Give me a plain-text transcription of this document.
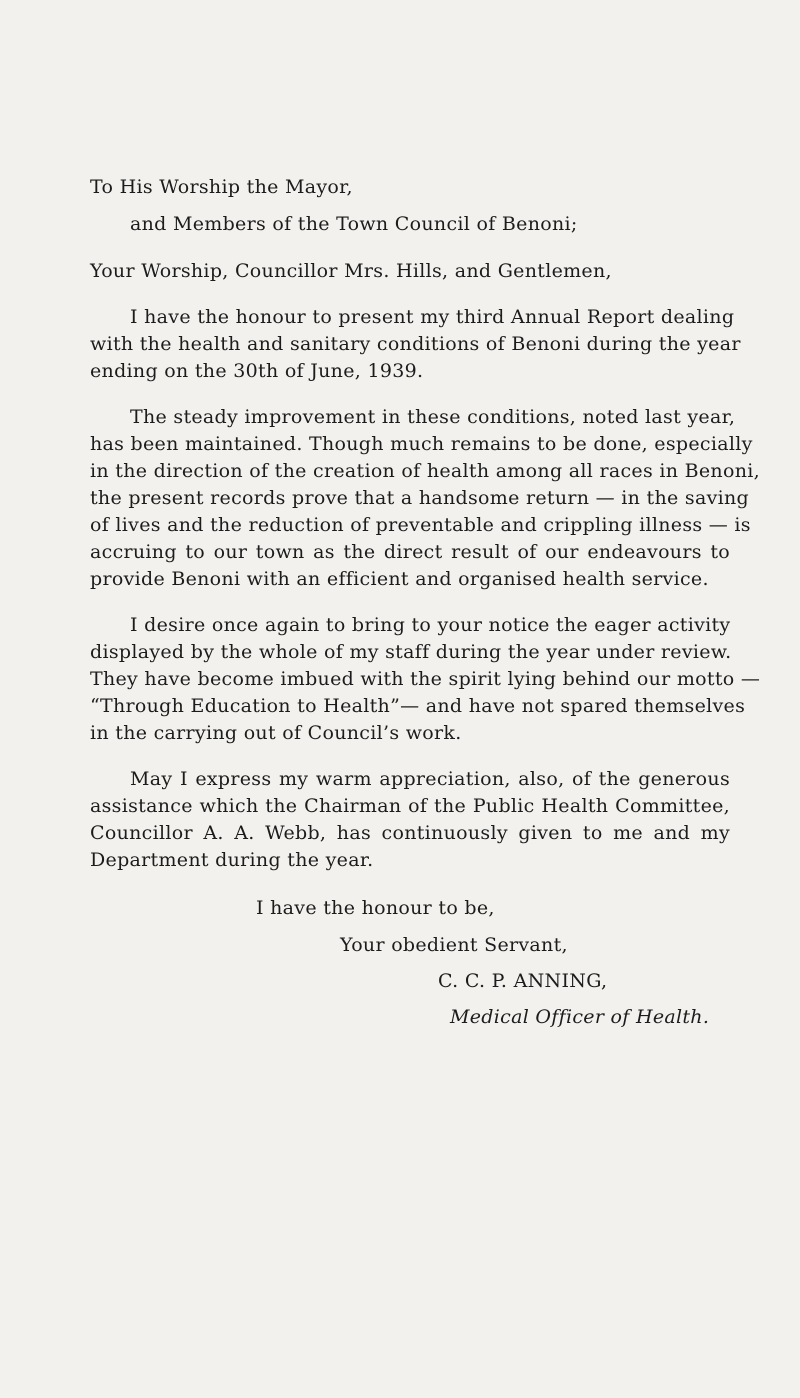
To His Worship the Mayor,
and Members of the Town Council of Benoni;
Your Worship, Councillor Mrs. Hills, and Gentlemen,
I have the honour to present my third Annual Report dealing
with the health and sanitary conditions of Benoni during the year
ending on the 30th of June, 1939.
The steady improvement in these conditions, noted last year,
has been maintained. Though much remains to be done, especially
in the direction of the creation of health among all races in Benoni,
the present records prove that a handsome return — in the saving
of lives and the reduction of preventable and crippling illness — is
accruing to our town as the direct result of our endeavours to
provide Benoni with an efficient and organised health service.
I desire once again to bring to your notice the eager activity
displayed by the whole of my staff during the year under review.
They have become imbued with the spirit lying behind our motto —
“Through Education to Health”— and have not spared themselves
in the carrying out of Council’s work.
May I express my warm appreciation, also, of the generous
assistance which the Chairman of the Public Health Committee,
Councillor A. A. Webb, has continuously given to me and my
Department during the year.
I have the honour to be,
Your obedient Servant,
C. C. P. ANNING,
Medical Officer of Health.
